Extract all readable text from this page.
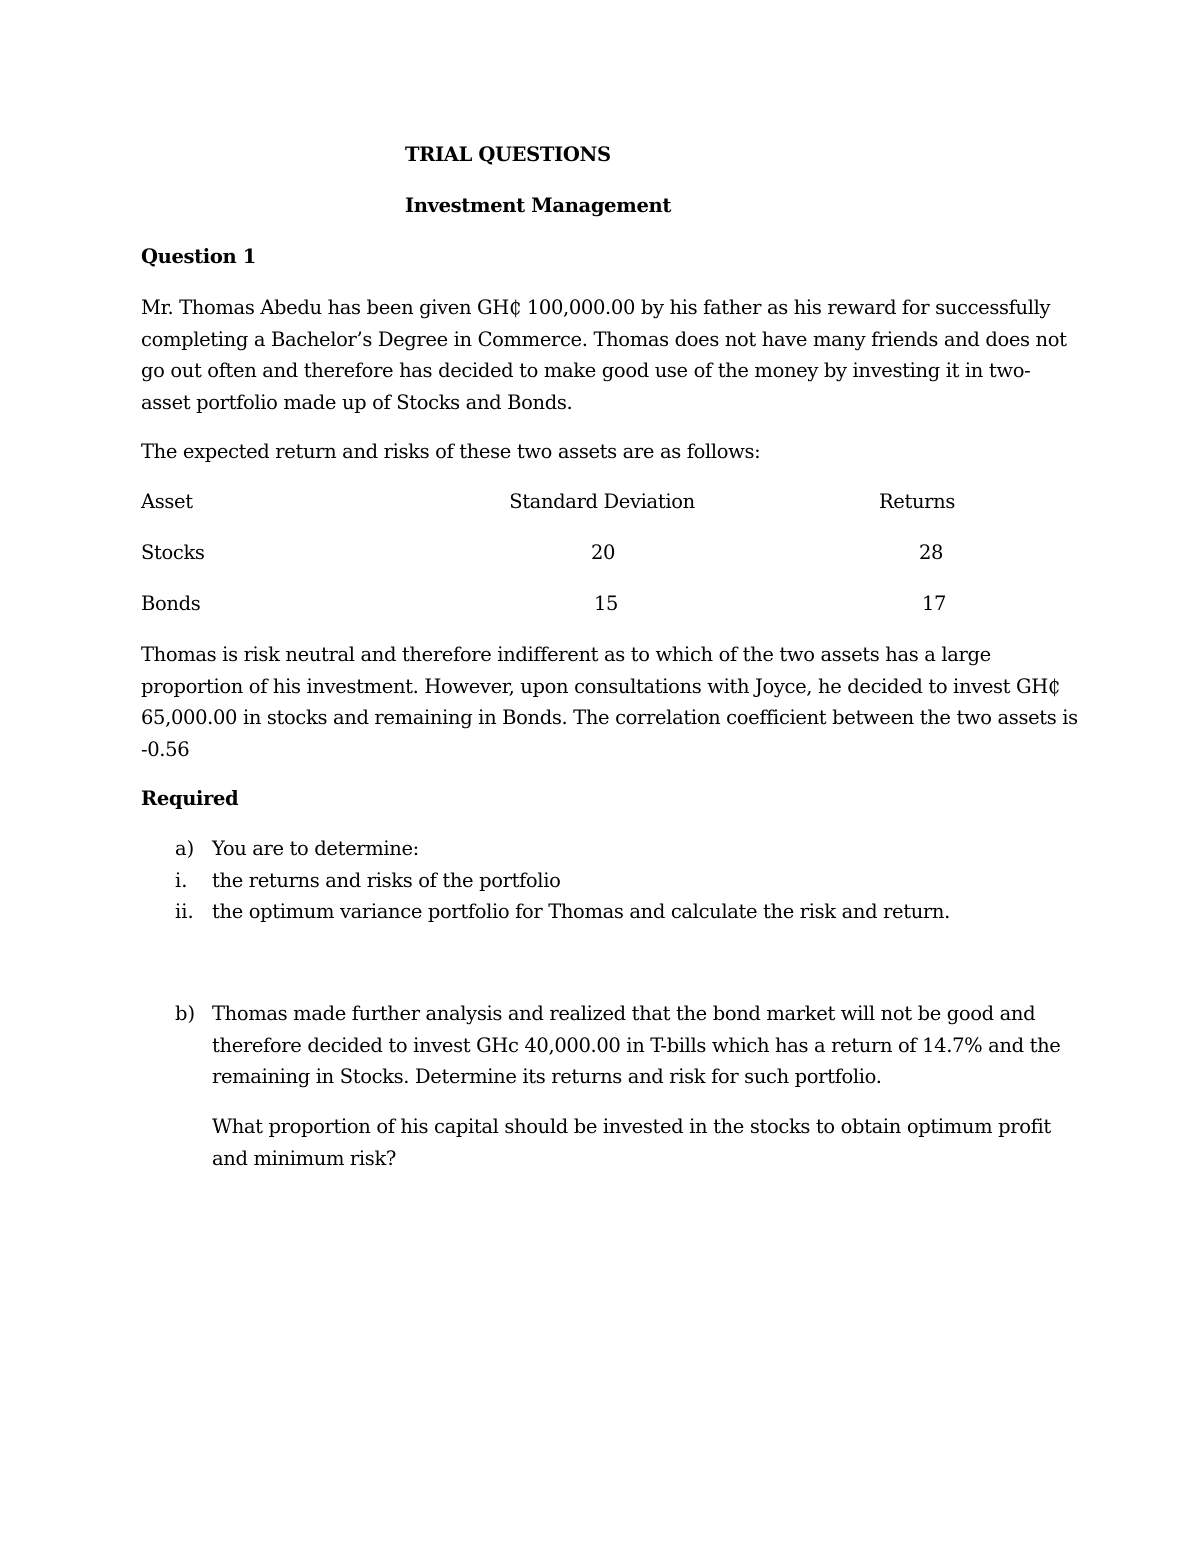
TRIAL QUESTIONS
Investment Management
Question 1
Mr. Thomas Abedu has been given GH₵ 100,000.00 by his father as his reward for successfully
completing a Bachelor’s Degree in Commerce. Thomas does not have many friends and does not
go out often and therefore has decided to make good use of the money by investing it in two-
asset portfolio made up of Stocks and Bonds.
The expected return and risks of these two assets are as follows:
Asset	Standard Deviation	Returns
Stocks	20	28
Bonds	15	17
Thomas is risk neutral and therefore indifferent as to which of the two assets has a large
proportion of his investment. However, upon consultations with Joyce, he decided to invest GH₵
65,000.00 in stocks and remaining in Bonds. The correlation coefficient between the two assets is
-0.56
Required
a) You are to determine:
i. the returns and risks of the portfolio
ii. the optimum variance portfolio for Thomas and calculate the risk and return.
b) Thomas made further analysis and realized that the bond market will not be good and
therefore decided to invest GHc 40,000.00 in T-bills which has a return of 14.7% and the
remaining in Stocks. Determine its returns and risk for such portfolio.
What proportion of his capital should be invested in the stocks to obtain optimum profit
and minimum risk?
